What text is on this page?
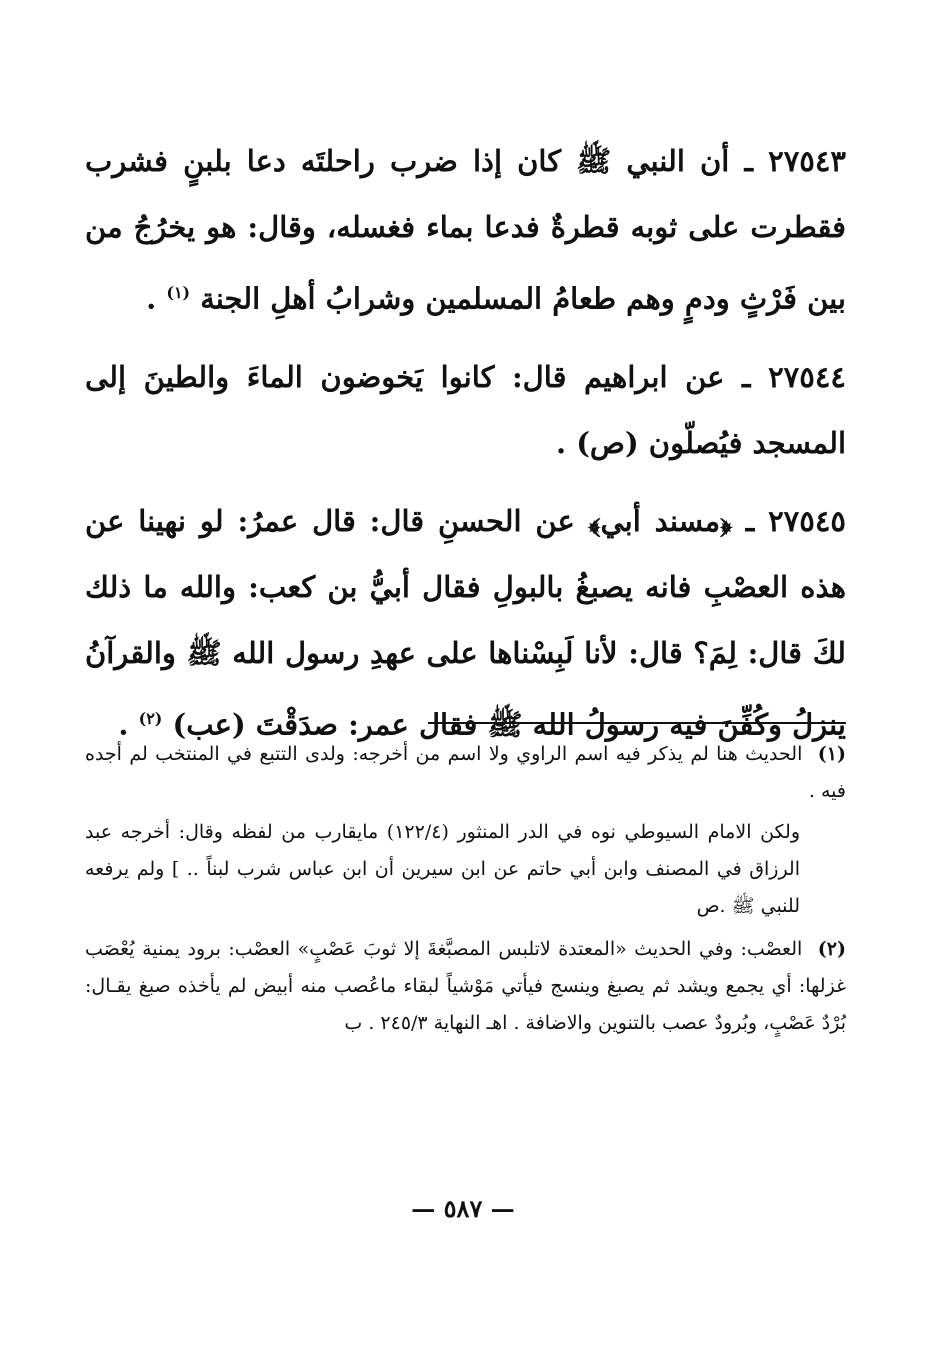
٢٧٥٤٣ ـ أن النبي ﷺ كان إذا ضرب راحلتَه دعا بلبنٍ فشرب فقطرت على ثوبه قطرةٌ فدعا بماء فغسله، وقال: هو يخرُجُ من بين فَرْثٍ ودمٍ وهم طعامُ المسلمين وشرابُ أهلِ الجنة $^{(١)}$ .

٢٧٥٤٤ ـ عن ابراهيم قال: كانوا يَخوضون الماءَ والطينَ إلى المسجد فيُصلّون (ص) .

٢٧٥٤٥ ـ ﴿مسند أبي﴾ عن الحسنِ قال: قال عمرُ: لو نهينا عن هذه العصْبِ فانه يصبغُ بالبولِ فقال أبيُّ بن كعب: والله ما ذلك لكَ قال: لِمَ؟ قال: لأنا لَبِسْناها على عهدِ رسول الله ﷺ والقرآنُ ينزلُ وكُفِّنَ فيه رسولُ الله ﷺ فقال عمر: صدَقْتَ (عب) $^{(٢)}$ .

(١) الحديث هنا لم يذكر فيه اسم الراوي ولا اسم من أخرجه: ولدى التتبع في المنتخب لم أجده فيه .

ولكن الامام السيوطي نوه في الدر المنثور (١٢٢/٤) مايقارب من لفظه وقال: أخرجه عبد الرزاق في المصنف وابن أبي حاتم عن ابن سيرين أن ابن عباس شرب لبناً .. ] ولم يرفعه للنبي ﷺ .ص

(٢) العصْب: وفي الحديث «المعتدة لاتلبس المصبَّغةَ إلا ثوبَ عَصْبٍ» العصْب: برود يمنية يُعْصَب غزلها: أي يجمع ويشد ثم يصبغ وينسج فيأتي مَوْشياً لبقاء ماعُصب منه أبيض لم يأخذه صبغ يقـال: بُرْدٌ عَصْبٍ، وبُرودٌ عصب بالتنوين والاضافة . اهـ النهاية ٢٤٥/٣ . ب

— ٥٨٧ —
